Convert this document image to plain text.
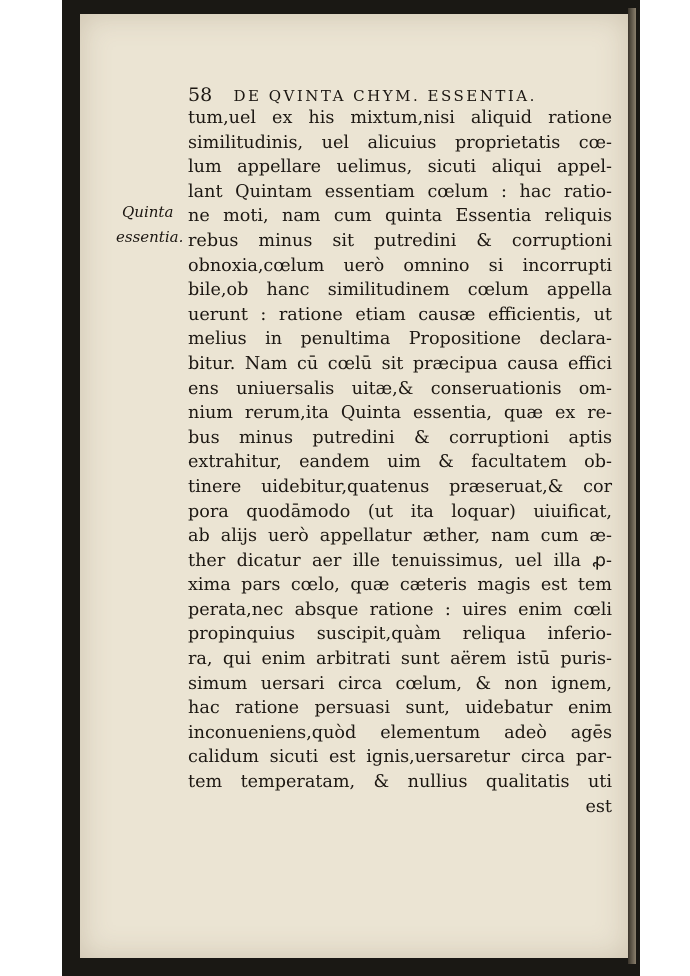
58 DE QVINTA CHYM. ESSENTIA.
Quinta
essentia.
tum,uel ex his mixtum,nisi aliquid ratione
similitudinis, uel alicuius proprietatis cœ-
lum appellare uelimus, sicuti aliqui appel-
lant Quintam essentiam cœlum : hac ratio-
ne moti, nam cum quinta Essentia reliquis
rebus minus sit putredini & corruptioni
obnoxia,cœlum uerò omnino si incorrupti
bile,ob hanc similitudinem cœlum appella
uerunt : ratione etiam causæ efficientis, ut
melius in penultima Propositione declara-
bitur. Nam cū cœlū sit præcipua causa effici
ens uniuersalis uitæ,& conseruationis om-
nium rerum,ita Quinta essentia, quæ ex re-
bus minus putredini & corruptioni aptis
extrahitur, eandem uim & facultatem ob-
tinere uidebitur,quatenus præseruat,& cor
pora quodāmodo (ut ita loquar) uiuificat,
ab alijs uerò appellatur æther, nam cum æ-
ther dicatur aer ille tenuissimus, uel illa ꝓ-
xima pars cœlo, quæ cæteris magis est tem
perata,nec absque ratione : uires enim cœli
propinquius suscipit,quàm reliqua inferio-
ra, qui enim arbitrati sunt aërem istū puris-
simum uersari circa cœlum, & non ignem,
hac ratione persuasi sunt, uidebatur enim
inconueniens,quòd elementum adeò agēs
calidum sicuti est ignis,uersaretur circa par-
tem temperatam, & nullius qualitatis uti
est
